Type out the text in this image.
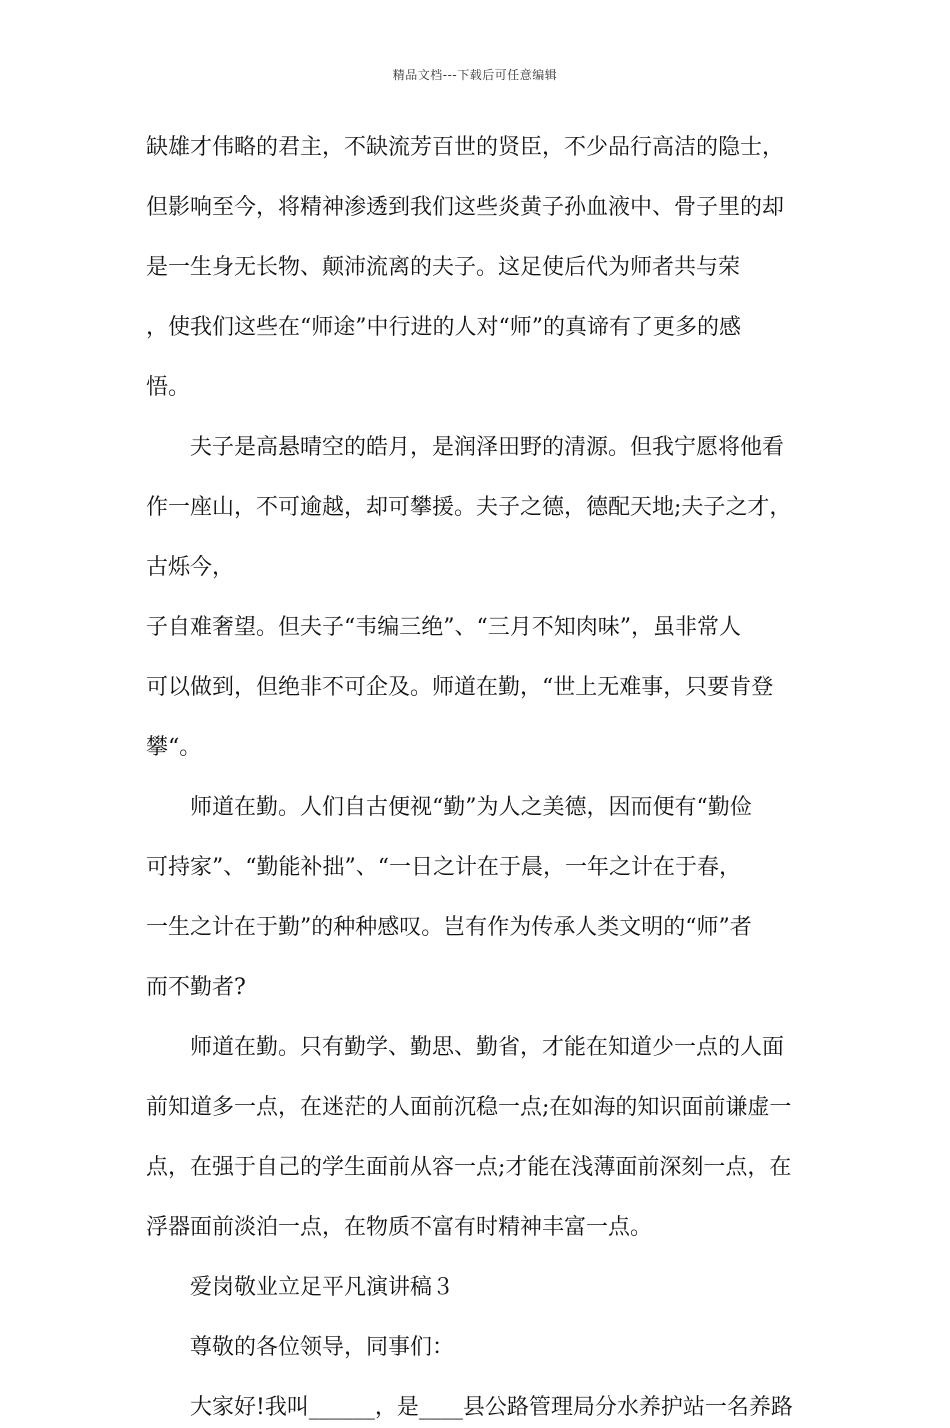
精品文档---下载后可任意编辑
缺雄才伟略的君主，不缺流芳百世的贤臣，不少品行高洁的隐士，
但影响至今，将精神渗透到我们这些炎黄子孙血液中、骨子里的却
是一生身无长物、颠沛流离的夫子。这足使后代为师者共与荣
，使我们这些在“师途”中行进的人对“师”的真谛有了更多的感
悟。
夫子是高悬晴空的皓月，是润泽田野的清源。但我宁愿将他看
作一座山，不可逾越，却可攀援。夫子之德，德配天地;夫子之才，
古烁今，
子自难奢望。但夫子“韦编三绝”、“三月不知肉味”，虽非常人
可以做到，但绝非不可企及。师道在勤，“世上无难事，只要肯登
攀“。
师道在勤。人们自古便视“勤”为人之美德，因而便有“勤俭
可持家”、“勤能补拙”、“一日之计在于晨，一年之计在于春，
一生之计在于勤”的种种感叹。岂有作为传承人类文明的“师”者
而不勤者?
师道在勤。只有勤学、勤思、勤省，才能在知道少一点的人面
前知道多一点，在迷茫的人面前沉稳一点;在如海的知识面前谦虚一
点，在强于自己的学生面前从容一点;才能在浅薄面前深刻一点，在
浮器面前淡泊一点，在物质不富有时精神丰富一点。
爱岗敬业立足平凡演讲稿３
尊敬的各位领导，同事们：
大家好!我叫______，是____县公路管理局分水养护站一名养路
